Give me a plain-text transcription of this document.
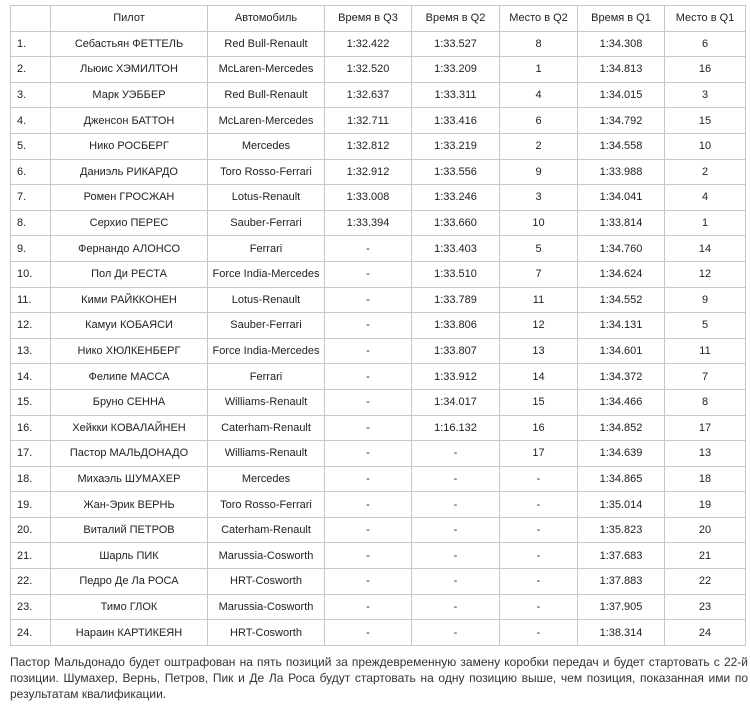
	Пилот	Автомобиль	Время в Q3	Время в Q2	Место в Q2	Время в Q1	Место в Q1
1.	Себастьян ФЕТТЕЛЬ	Red Bull-Renault	1:32.422	1:33.527	8	1:34.308	6
2.	Льюис ХЭМИЛТОН	McLaren-Mercedes	1:32.520	1:33.209	1	1:34.813	16
3.	Марк УЭББЕР	Red Bull-Renault	1:32.637	1:33.311	4	1:34.015	3
4.	Дженсон БАТТОН	McLaren-Mercedes	1:32.711	1:33.416	6	1:34.792	15
5.	Нико РОСБЕРГ	Mercedes	1:32.812	1:33.219	2	1:34.558	10
6.	Даниэль РИКАРДО	Toro Rosso-Ferrari	1:32.912	1:33.556	9	1:33.988	2
7.	Ромен ГРОСЖАН	Lotus-Renault	1:33.008	1:33.246	3	1:34.041	4
8.	Серхио ПЕРЕС	Sauber-Ferrari	1:33.394	1:33.660	10	1:33.814	1
9.	Фернандо АЛОНСО	Ferrari	-	1:33.403	5	1:34.760	14
10.	Пол Ди РЕСТА	Force India-Mercedes	-	1:33.510	7	1:34.624	12
11.	Кими РАЙККОНЕН	Lotus-Renault	-	1:33.789	11	1:34.552	9
12.	Камуи КОБАЯСИ	Sauber-Ferrari	-	1:33.806	12	1:34.131	5
13.	Нико ХЮЛКЕНБЕРГ	Force India-Mercedes	-	1:33.807	13	1:34.601	11
14.	Фелипе МАССА	Ferrari	-	1:33.912	14	1:34.372	7
15.	Бруно СЕННА	Williams-Renault	-	1:34.017	15	1:34.466	8
16.	Хейкки КОВАЛАЙНЕН	Caterham-Renault	-	1:16.132	16	1:34.852	17
17.	Пастор МАЛЬДОНАДО	Williams-Renault	-	-	17	1:34.639	13
18.	Михаэль ШУМАХЕР	Mercedes	-	-	-	1:34.865	18
19.	Жан-Эрик ВЕРНЬ	Toro Rosso-Ferrari	-	-	-	1:35.014	19
20.	Виталий ПЕТРОВ	Caterham-Renault	-	-	-	1:35.823	20
21.	Шарль ПИК	Marussia-Cosworth	-	-	-	1:37.683	21
22.	Педро Де Ла РОСА	HRT-Cosworth	-	-	-	1:37.883	22
23.	Тимо ГЛОК	Marussia-Cosworth	-	-	-	1:37.905	23
24.	Нараин КАРТИКЕЯН	HRT-Cosworth	-	-	-	1:38.314	24
Пастор Мальдонадо будет оштрафован на пять позиций за преждевременную замену коробки передач и будет стартовать с 22-й позиции. Шумахер, Вернь, Петров, Пик и Де Ла Роса будут стартовать на одну позицию выше, чем позиция, показанная ими по результатам квалификации.
